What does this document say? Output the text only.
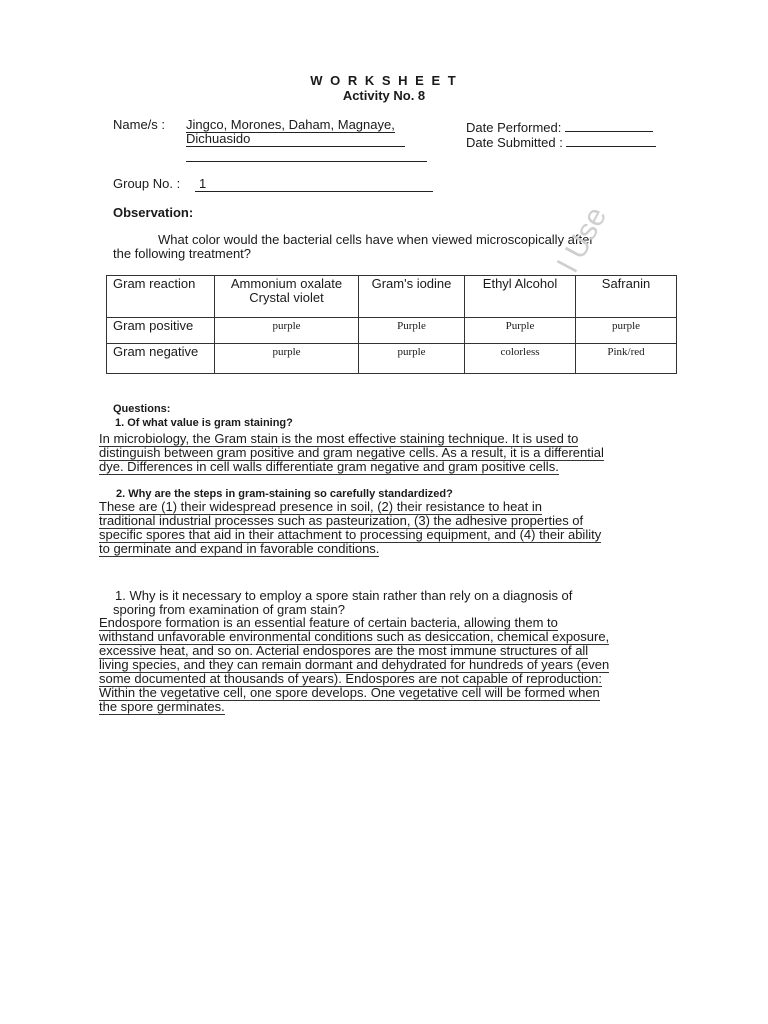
W O R K S H E E T
Activity No. 8
Name/s : Jingco, Morones, Daham, Magnaye,
Dichuasido
Date Performed:
Date Submitted :
Group No. :	1
Observation:
What color would the bacterial cells have when viewed microscopically after
the following treatment?
Gram reaction	Ammonium oxalate Crystal violet	Gram's iodine	Ethyl Alcohol	Safranin
Gram positive	purple	Purple	Purple	purple
Gram negative	purple	purple	colorless	Pink/red
l Use
Questions:
1. Of what value is gram staining?
In microbiology, the Gram stain is the most effective staining technique. It is used to
distinguish between gram positive and gram negative cells. As a result, it is a differential
dye. Differences in cell walls differentiate gram negative and gram positive cells.
2. Why are the steps in gram-staining so carefully standardized?
These are (1) their widespread presence in soil, (2) their resistance to heat in
traditional industrial processes such as pasteurization, (3) the adhesive properties of
specific spores that aid in their attachment to processing equipment, and (4) their ability
to germinate and expand in favorable conditions.
1. Why is it necessary to employ a spore stain rather than rely on a diagnosis of
sporing from examination of gram stain?
Endospore formation is an essential feature of certain bacteria, allowing them to
withstand unfavorable environmental conditions such as desiccation, chemical exposure,
excessive heat, and so on. Acterial endospores are the most immune structures of all
living species, and they can remain dormant and dehydrated for hundreds of years (even
some documented at thousands of years). Endospores are not capable of reproduction:
Within the vegetative cell, one spore develops. One vegetative cell will be formed when
the spore germinates.
